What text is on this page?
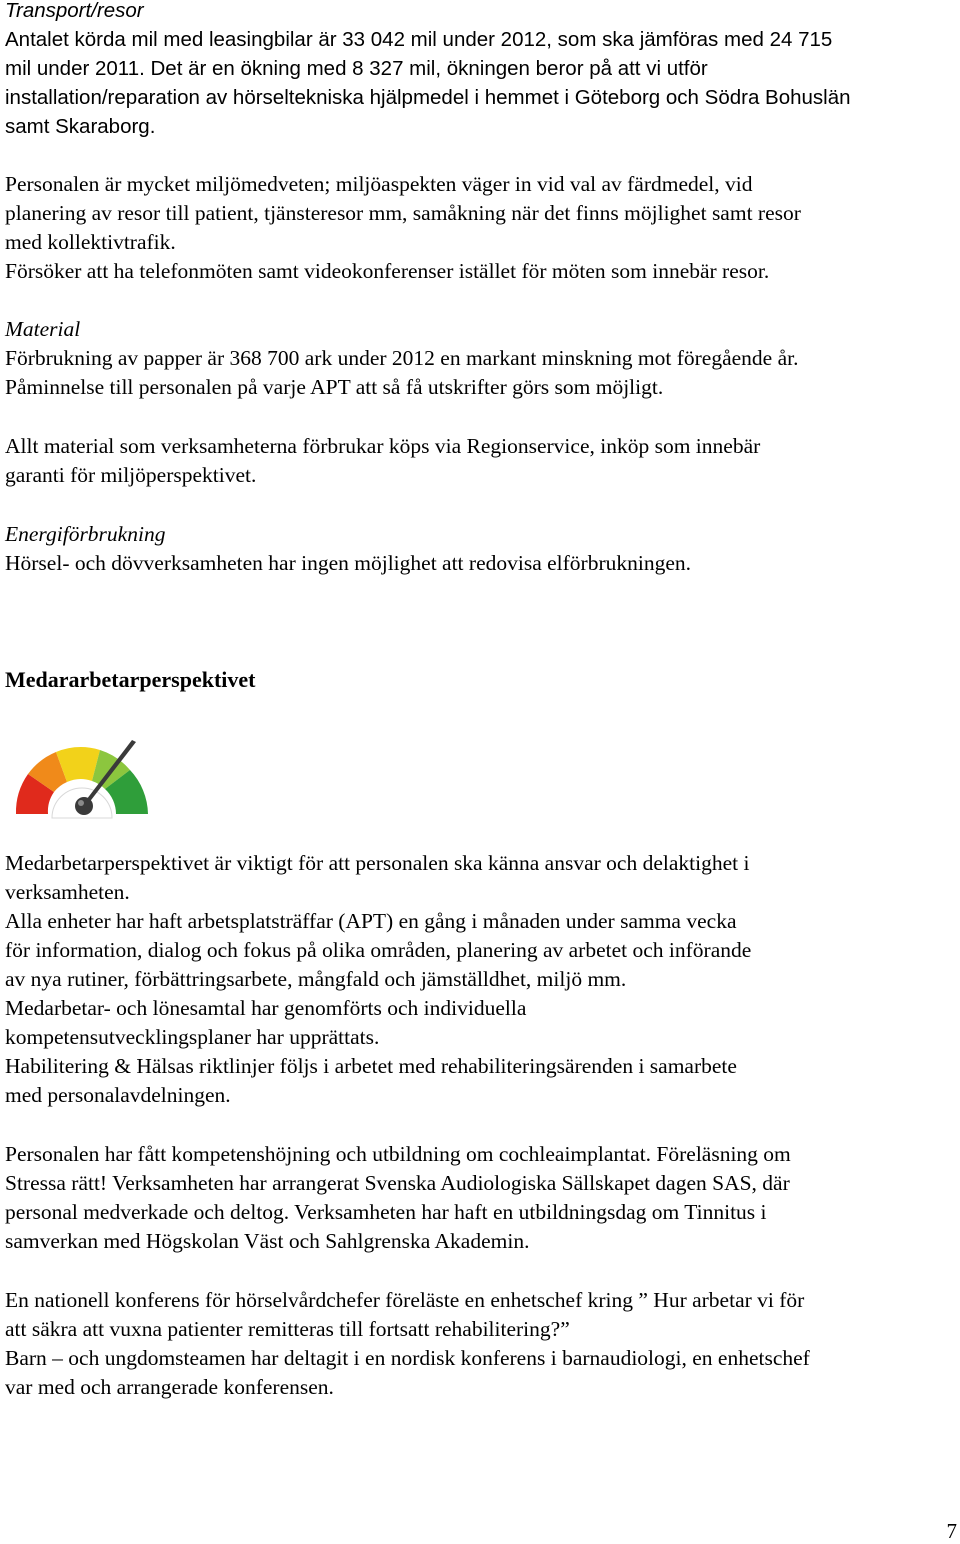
Transport/resor

Antalet körda mil med leasingbilar är 33 042 mil under 2012, som ska jämföras med 24 715
mil under 2011. Det är en ökning med 8 327 mil, ökningen beror på att vi utför
installation/reparation av hörseltekniska hjälpmedel i hemmet i Göteborg och Södra Bohuslän
samt Skaraborg.

Personalen är mycket miljömedveten; miljöaspekten väger in vid val av färdmedel, vid
planering av resor till patient, tjänsteresor mm, samåkning när det finns möjlighet samt resor
med kollektivtrafik.

Försöker att ha telefonmöten samt videokonferenser istället för möten som innebär resor.

Material

Förbrukning av papper är 368 700 ark under 2012 en markant minskning mot föregående år.
Påminnelse till personalen på varje APT att så få utskrifter görs som möjligt.

Allt material som verksamheterna förbrukar köps via Regionservice, inköp som innebär
garanti för miljöperspektivet.

Energiförbrukning

Hörsel- och dövverksamheten har ingen möjlighet att redovisa elförbrukningen.

Medararbetarperspektivet

Medarbetarperspektivet är viktigt för att personalen ska känna ansvar och delaktighet i
verksamheten.
Alla enheter har haft arbetsplatsträffar (APT) en gång i månaden under samma vecka
för information, dialog och fokus på olika områden, planering av arbetet och införande
av nya rutiner, förbättringsarbete, mångfald och jämställdhet, miljö mm.
Medarbetar- och lönesamtal har genomförts och individuella
kompetensutvecklingsplaner har upprättats.
Habilitering & Hälsas riktlinjer följs i arbetet med rehabiliteringsärenden i samarbete
med personalavdelningen.

Personalen har fått kompetenshöjning och utbildning om cochleaimplantat. Föreläsning om
Stressa rätt! Verksamheten har arrangerat Svenska Audiologiska Sällskapet dagen SAS, där
personal medverkade och deltog. Verksamheten har haft en utbildningsdag om Tinnitus i
samverkan med Högskolan Väst och Sahlgrenska Akademin.

En nationell konferens för hörselvårdchefer föreläste en enhetschef kring ” Hur arbetar vi för
att säkra att vuxna patienter remitteras till fortsatt rehabilitering?”
Barn – och ungdomsteamen har deltagit i en nordisk konferens i barnaudiologi, en enhetschef
var med och arrangerade konferensen.

7
